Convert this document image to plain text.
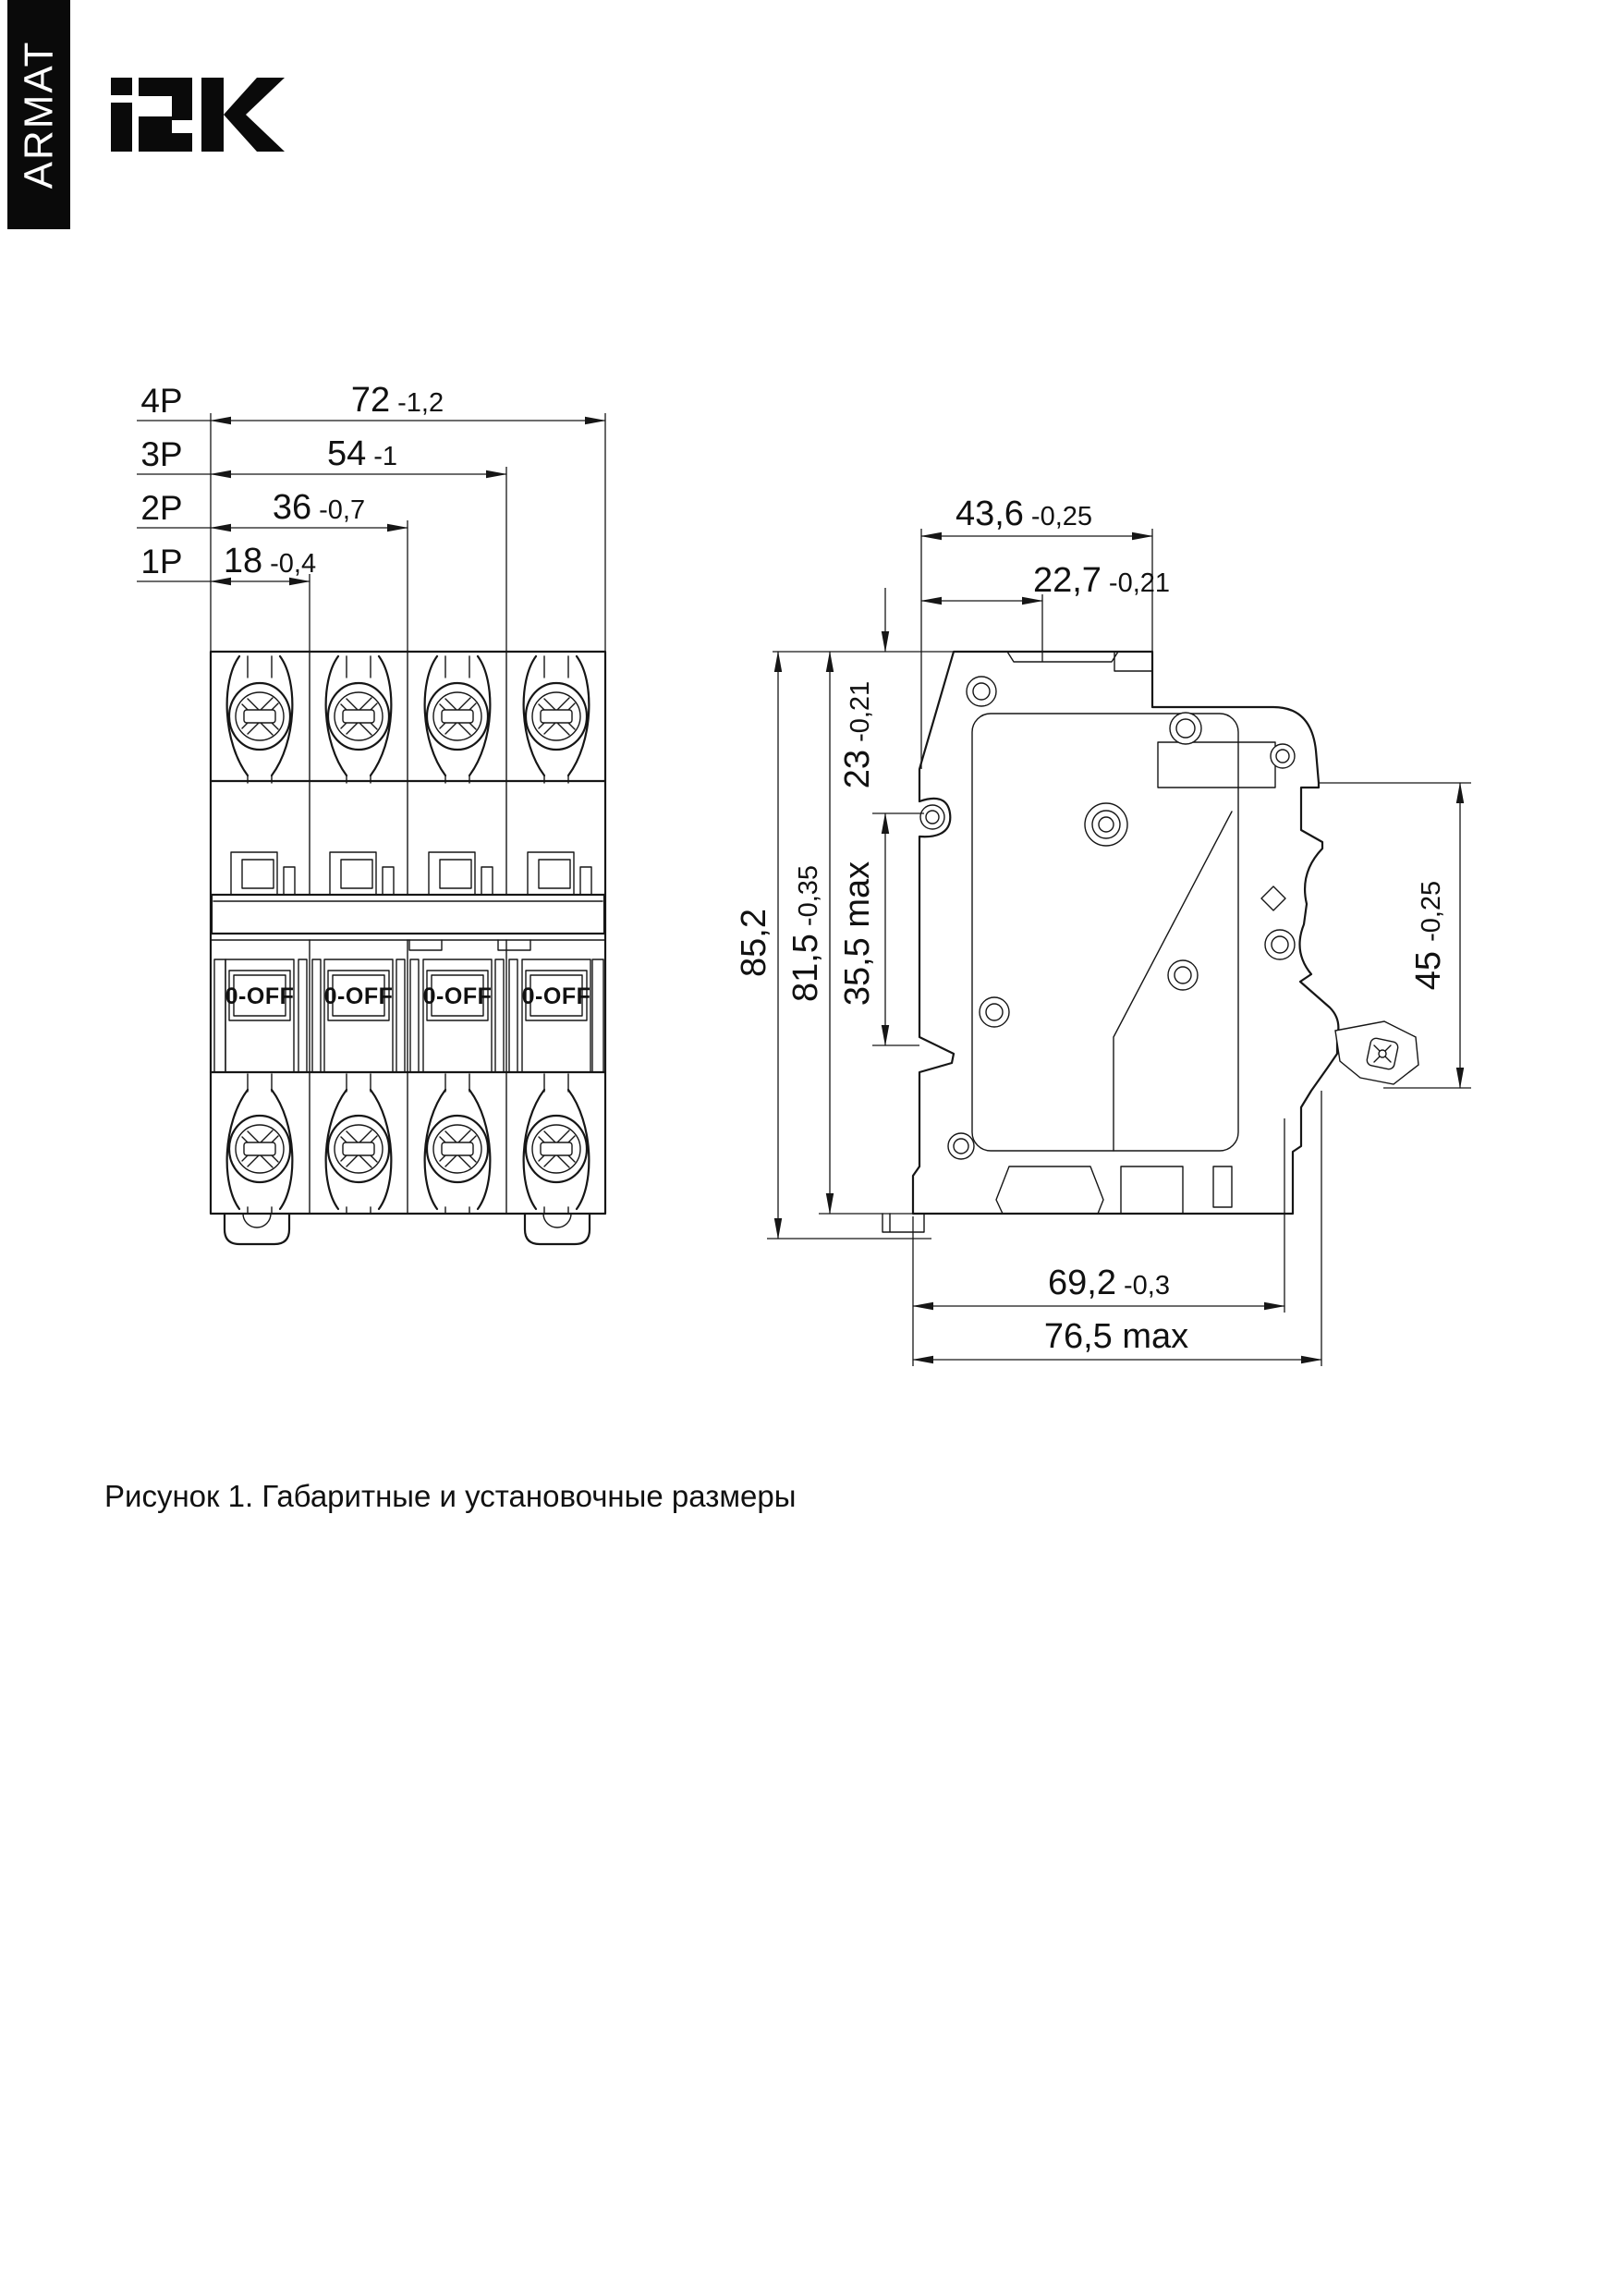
ARMAT
4P
3P
2P
1P
72 -1,2
54 -1
36 -0,7
18 -0,4
0-OFF 0-OFF 0-OFF 0-OFF
43,6 -0,25
22,7 -0,21
23-0,21
35,5 max
85,2 81,5-0,35
45-0,25
69,2 -0,3
76,5 max
Рисунок 1. Габаритные и установочные размеры
